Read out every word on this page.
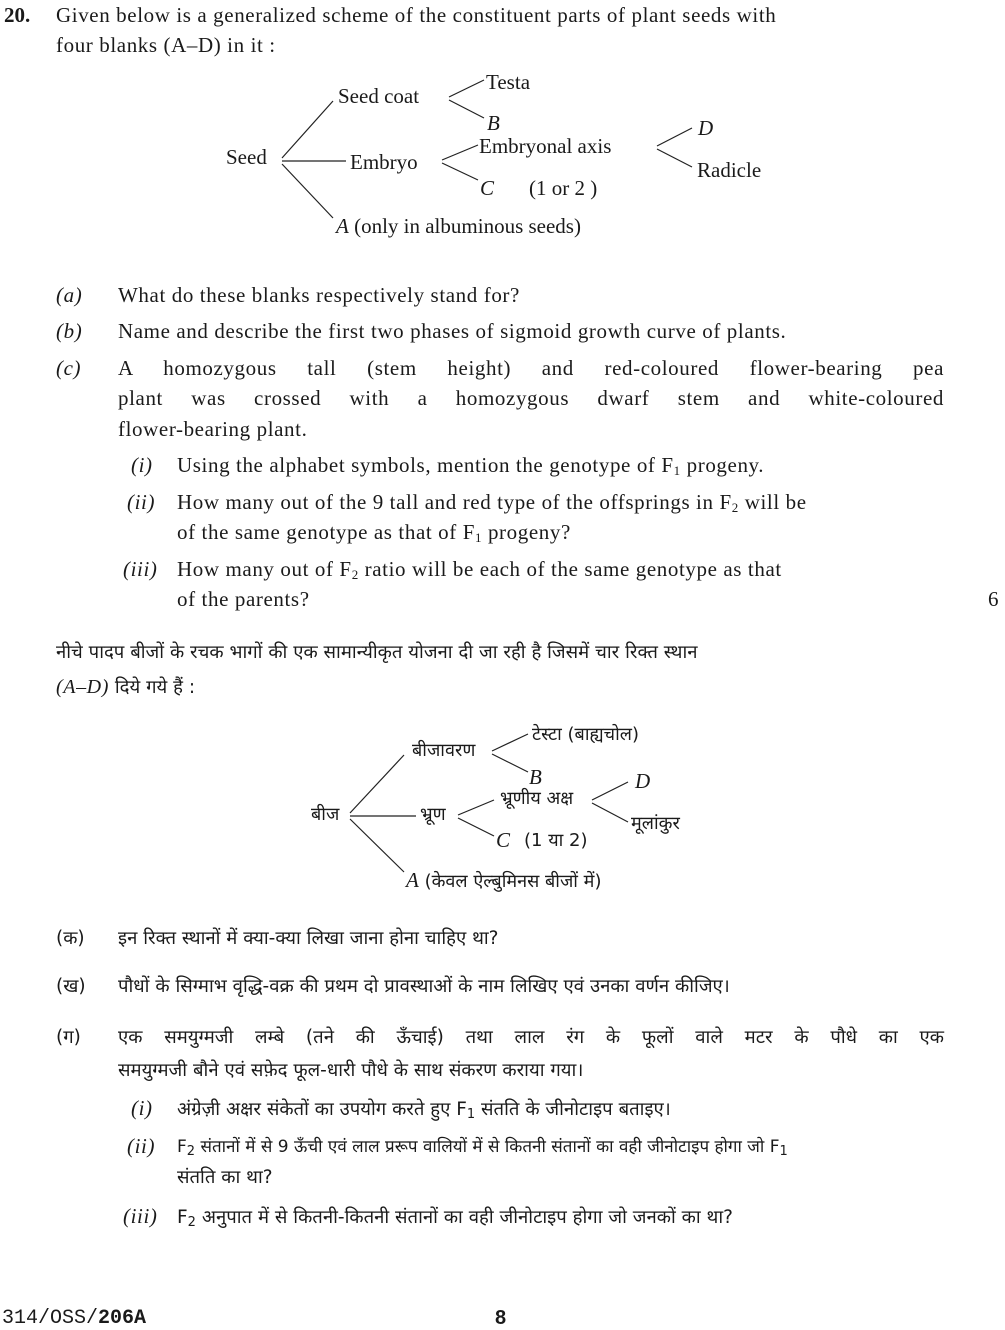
20. Given below is a generalized scheme of the constituent parts of plant seeds with
four blanks (A–D) in it :
Seed
Seed coat
Testa
B
Embryo
Embryonal axis
D
Radicle
C (1 or 2 )
A (only in albuminous seeds)
(a) What do these blanks respectively stand for?
(b) Name and describe the first two phases of sigmoid growth curve of plants.
(c) A homozygous tall (stem height) and red-coloured flower-bearing pea
plant was crossed with a homozygous dwarf stem and white-coloured
flower-bearing plant.
(i) Using the alphabet symbols, mention the genotype of $F_1$ progeny.
(ii) How many out of the 9 tall and red type of the offsprings in $F_2$ will be
of the same genotype as that of $F_1$ progeny?
(iii) How many out of $F_2$ ratio will be each of the same genotype as that
of the parents?	6
नीचे पादप बीजों के रचक भागों की एक सामान्यीकृत योजना दी जा रही है जिसमें चार रिक्त स्थान
(A–D) दिये गये हैं :
बीज
बीजावरण
टेस्टा (बाह्यचोल)
B
भ्रूण
भ्रूणीय अक्ष
D
मूलांकुर
C (1 या 2)
A (केवल ऐल्बुमिनस बीजों में)
(क) इन रिक्त स्थानों में क्या-क्या लिखा जाना होना चाहिए था?
(ख) पौधों के सिग्माभ वृद्धि-वक्र की प्रथम दो प्रावस्थाओं के नाम लिखिए एवं उनका वर्णन कीजिए।
(ग) एक समयुग्मजी लम्बे (तने की ऊँचाई) तथा लाल रंग के फूलों वाले मटर के पौधे का एक
समयुग्मजी बौने एवं सफ़ेद फूल-धारी पौधे के साथ संकरण कराया गया।
(i) अंग्रेज़ी अक्षर संकेतों का उपयोग करते हुए $F_1$ संतति के जीनोटाइप बताइए।
(ii) $F_2$ संतानों में से 9 ऊँची एवं लाल प्ररूप वालियों में से कितनी संतानों का वही जीनोटाइप होगा जो $F_1$
संतति का था?
(iii) $F_2$ अनुपात में से कितनी-कितनी संतानों का वही जीनोटाइप होगा जो जनकों का था?
314/OSS/206A	8
